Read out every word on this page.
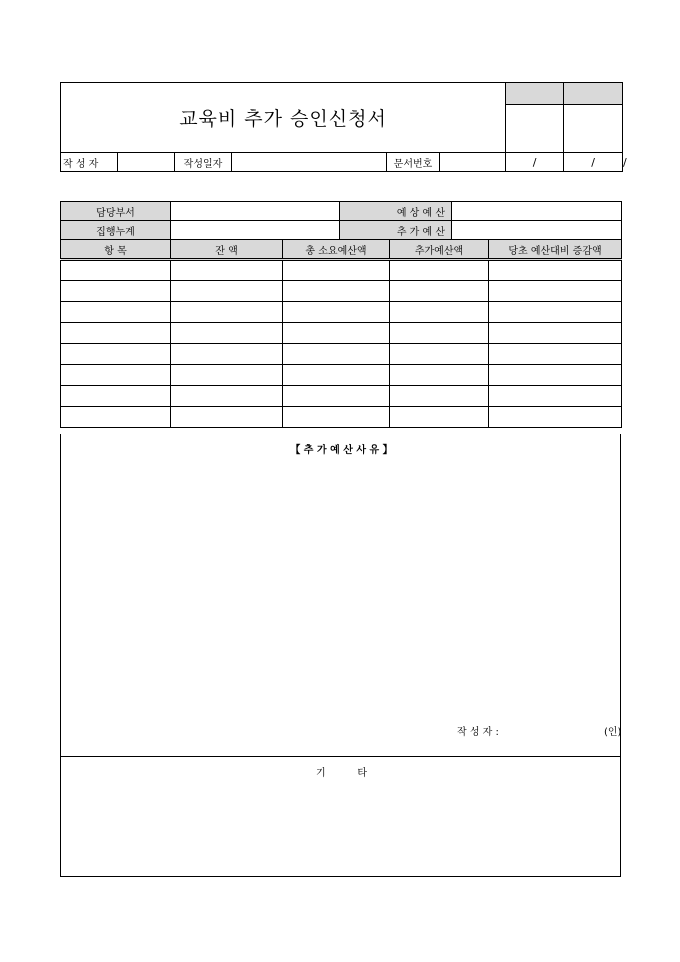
교육비 추가 승인신청서								

작 성 자		작성일자		문서번호		/	/	/
담당부서			예 상 예 산			
집행누계			추 가 예 산			
항 목	잔 액	총 소요예산액		추가예산액		당초 예산대비 증감액

【 추 가 예 산 사 유 】
작 성 자 :	(인)
기          타
